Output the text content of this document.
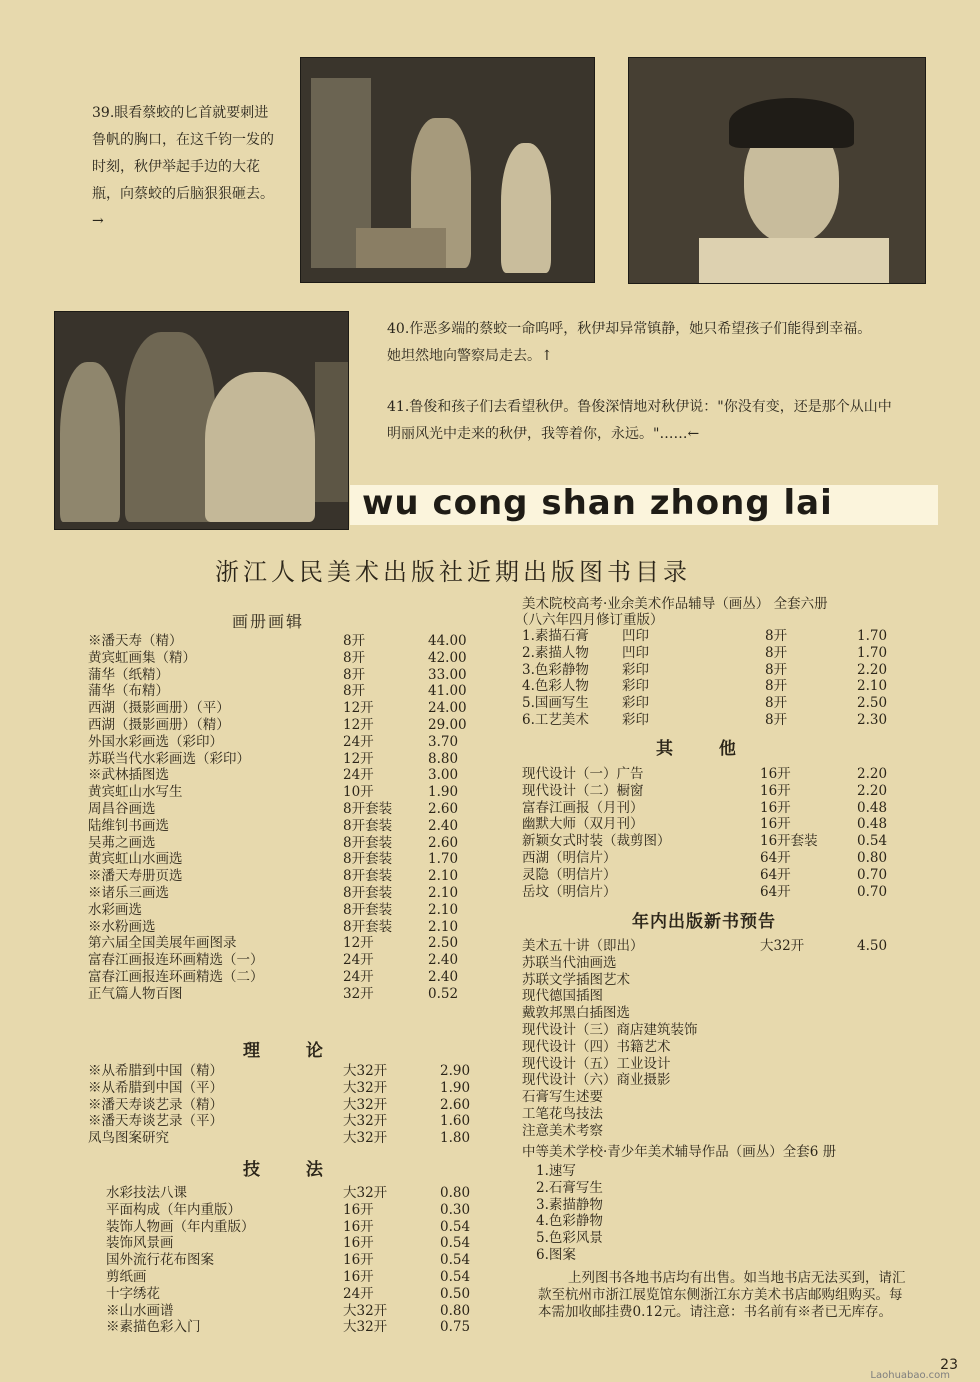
39.眼看蔡蛟的匕首就要刺进鲁帆的胸口，在这千钧一发的时刻，秋伊举起手边的大花瓶，向蔡蛟的后脑狠狠砸去。→
40.作恶多端的蔡蛟一命呜呼，秋伊却异常镇静，她只希望孩子们能得到幸福。她坦然地向警察局走去。↑
41.鲁俊和孩子们去看望秋伊。鲁俊深情地对秋伊说："你没有变，还是那个从山中明丽风光中走来的秋伊，我等着你，永远。"……←
wu cong shan zhong lai
浙江人民美术出版社近期出版图书目录
画册画辑
※潘天寿（精）	8开	44.00
黄宾虹画集（精）	8开	42.00
蒲华（纸精）	8开	33.00
蒲华（布精）	8开	41.00
西湖（摄影画册）（平）	12开	24.00
西湖（摄影画册）（精）	12开	29.00
外国水彩画选（彩印）	24开	3.70
苏联当代水彩画选（彩印）	12开	8.80
※武林插图选	24开	3.00
黄宾虹山水写生	10开	1.90
周昌谷画选	8开套装	2.60
陆维钊书画选	8开套装	2.40
吴茀之画选	8开套装	2.60
黄宾虹山水画选	8开套装	1.70
※潘天寿册页选	8开套装	2.10
※诸乐三画选	8开套装	2.10
水彩画选	8开套装	2.10
※水粉画选	8开套装	2.10
第六届全国美展年画图录	12开	2.50
富春江画报连环画精选（一）	24开	2.40
富春江画报连环画精选（二）	24开	2.40
正气篇人物百图	32开	0.52
理 论
※从希腊到中国（精）	大32开	2.90
※从希腊到中国（平）	大32开	1.90
※潘天寿谈艺录（精）	大32开	2.60
※潘天寿谈艺录（平）	大32开	1.60
凤鸟图案研究	大32开	1.80
技 法
水彩技法八课	大32开	0.80
平面构成（年内重版）	16开	0.30
装饰人物画（年内重版）	16开	0.54
装饰风景画	16开	0.54
国外流行花布图案	16开	0.54
剪纸画	16开	0.54
十字绣花	24开	0.50
※山水画谱	大32开	0.80
※素描色彩入门	大32开	0.75
美术院校高考·业余美术作品辅导（画丛） 全套六册
（八六年四月修订重版）
1.素描石膏 凹印	8开	1.70
2.素描人物 凹印	8开	1.70
3.色彩静物 彩印	8开	2.20
4.色彩人物 彩印	8开	2.10
5.国画写生 彩印	8开	2.50
6.工艺美术 彩印	8开	2.30
其 他
现代设计（一）广告	16开	2.20
现代设计（二）橱窗	16开	2.20
富春江画报（月刊）	16开	0.48
幽默大师（双月刊）	16开	0.48
新颖女式时装（裁剪图）	16开套装	0.54
西湖（明信片）	64开	0.80
灵隐（明信片）	64开	0.70
岳坟（明信片）	64开	0.70
年内出版新书预告
美术五十讲（即出）	大32开	4.50
苏联当代油画选
苏联文学插图艺术
现代德国插图
戴敦邦黑白插图选
现代设计（三）商店建筑装饰
现代设计（四）书籍艺术
现代设计（五）工业设计
现代设计（六）商业摄影
石膏写生述要
工笔花鸟技法
注意美术考察
中等美术学校·青少年美术辅导作品（画丛）全套6 册
1.速写
2.石膏写生
3.素描静物
4.色彩静物
5.色彩风景
6.图案
上列图书各地书店均有出售。如当地书店无法买到，请汇款至杭州市浙江展览馆东侧浙江东方美术书店邮购组购买。每本需加收邮挂费0.12元。请注意：书名前有※者已无库存。
23
Laohuabao.com
